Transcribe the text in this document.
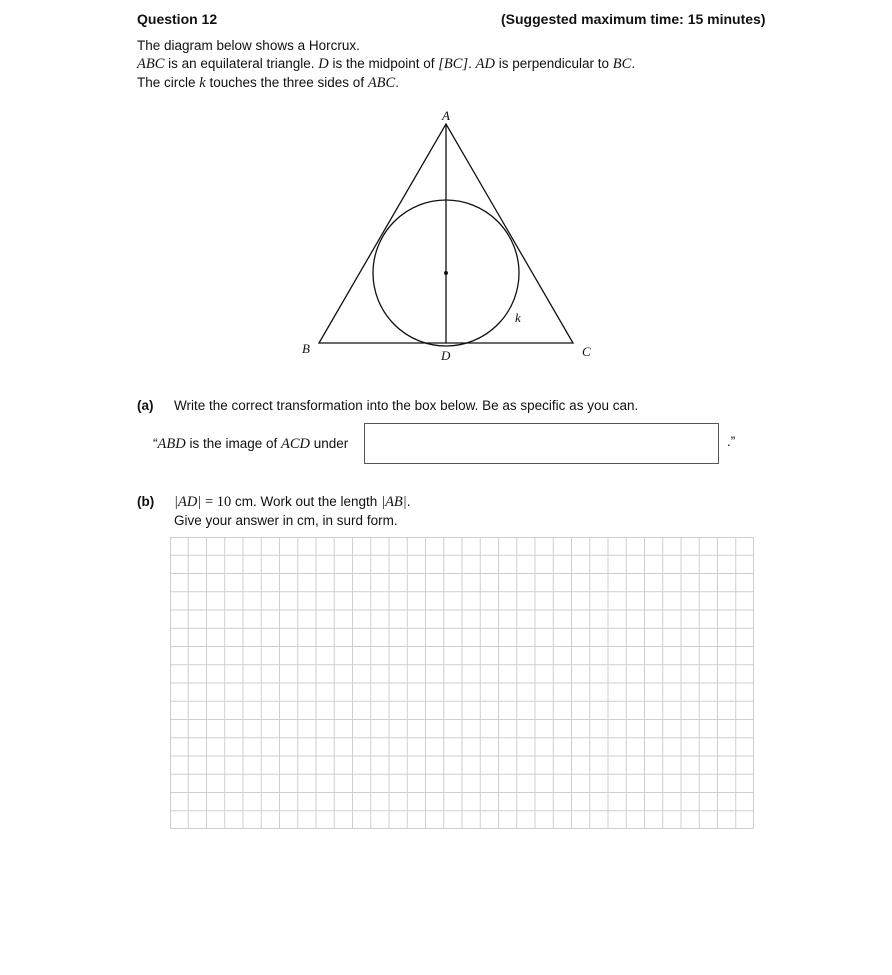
Question 12	(Suggested maximum time: 15 minutes)
The diagram below shows a Horcrux.
ABC is an equilateral triangle. D is the midpoint of [BC]. AD is perpendicular to BC.
The circle k touches the three sides of ABC.
A
B	C
D
k
(a) Write the correct transformation into the box below. Be as specific as you can.
“ABD is the image of ACD under	.”
(b) |AD| = 10 cm. Work out the length |AB|.
Give your answer in cm, in surd form.
